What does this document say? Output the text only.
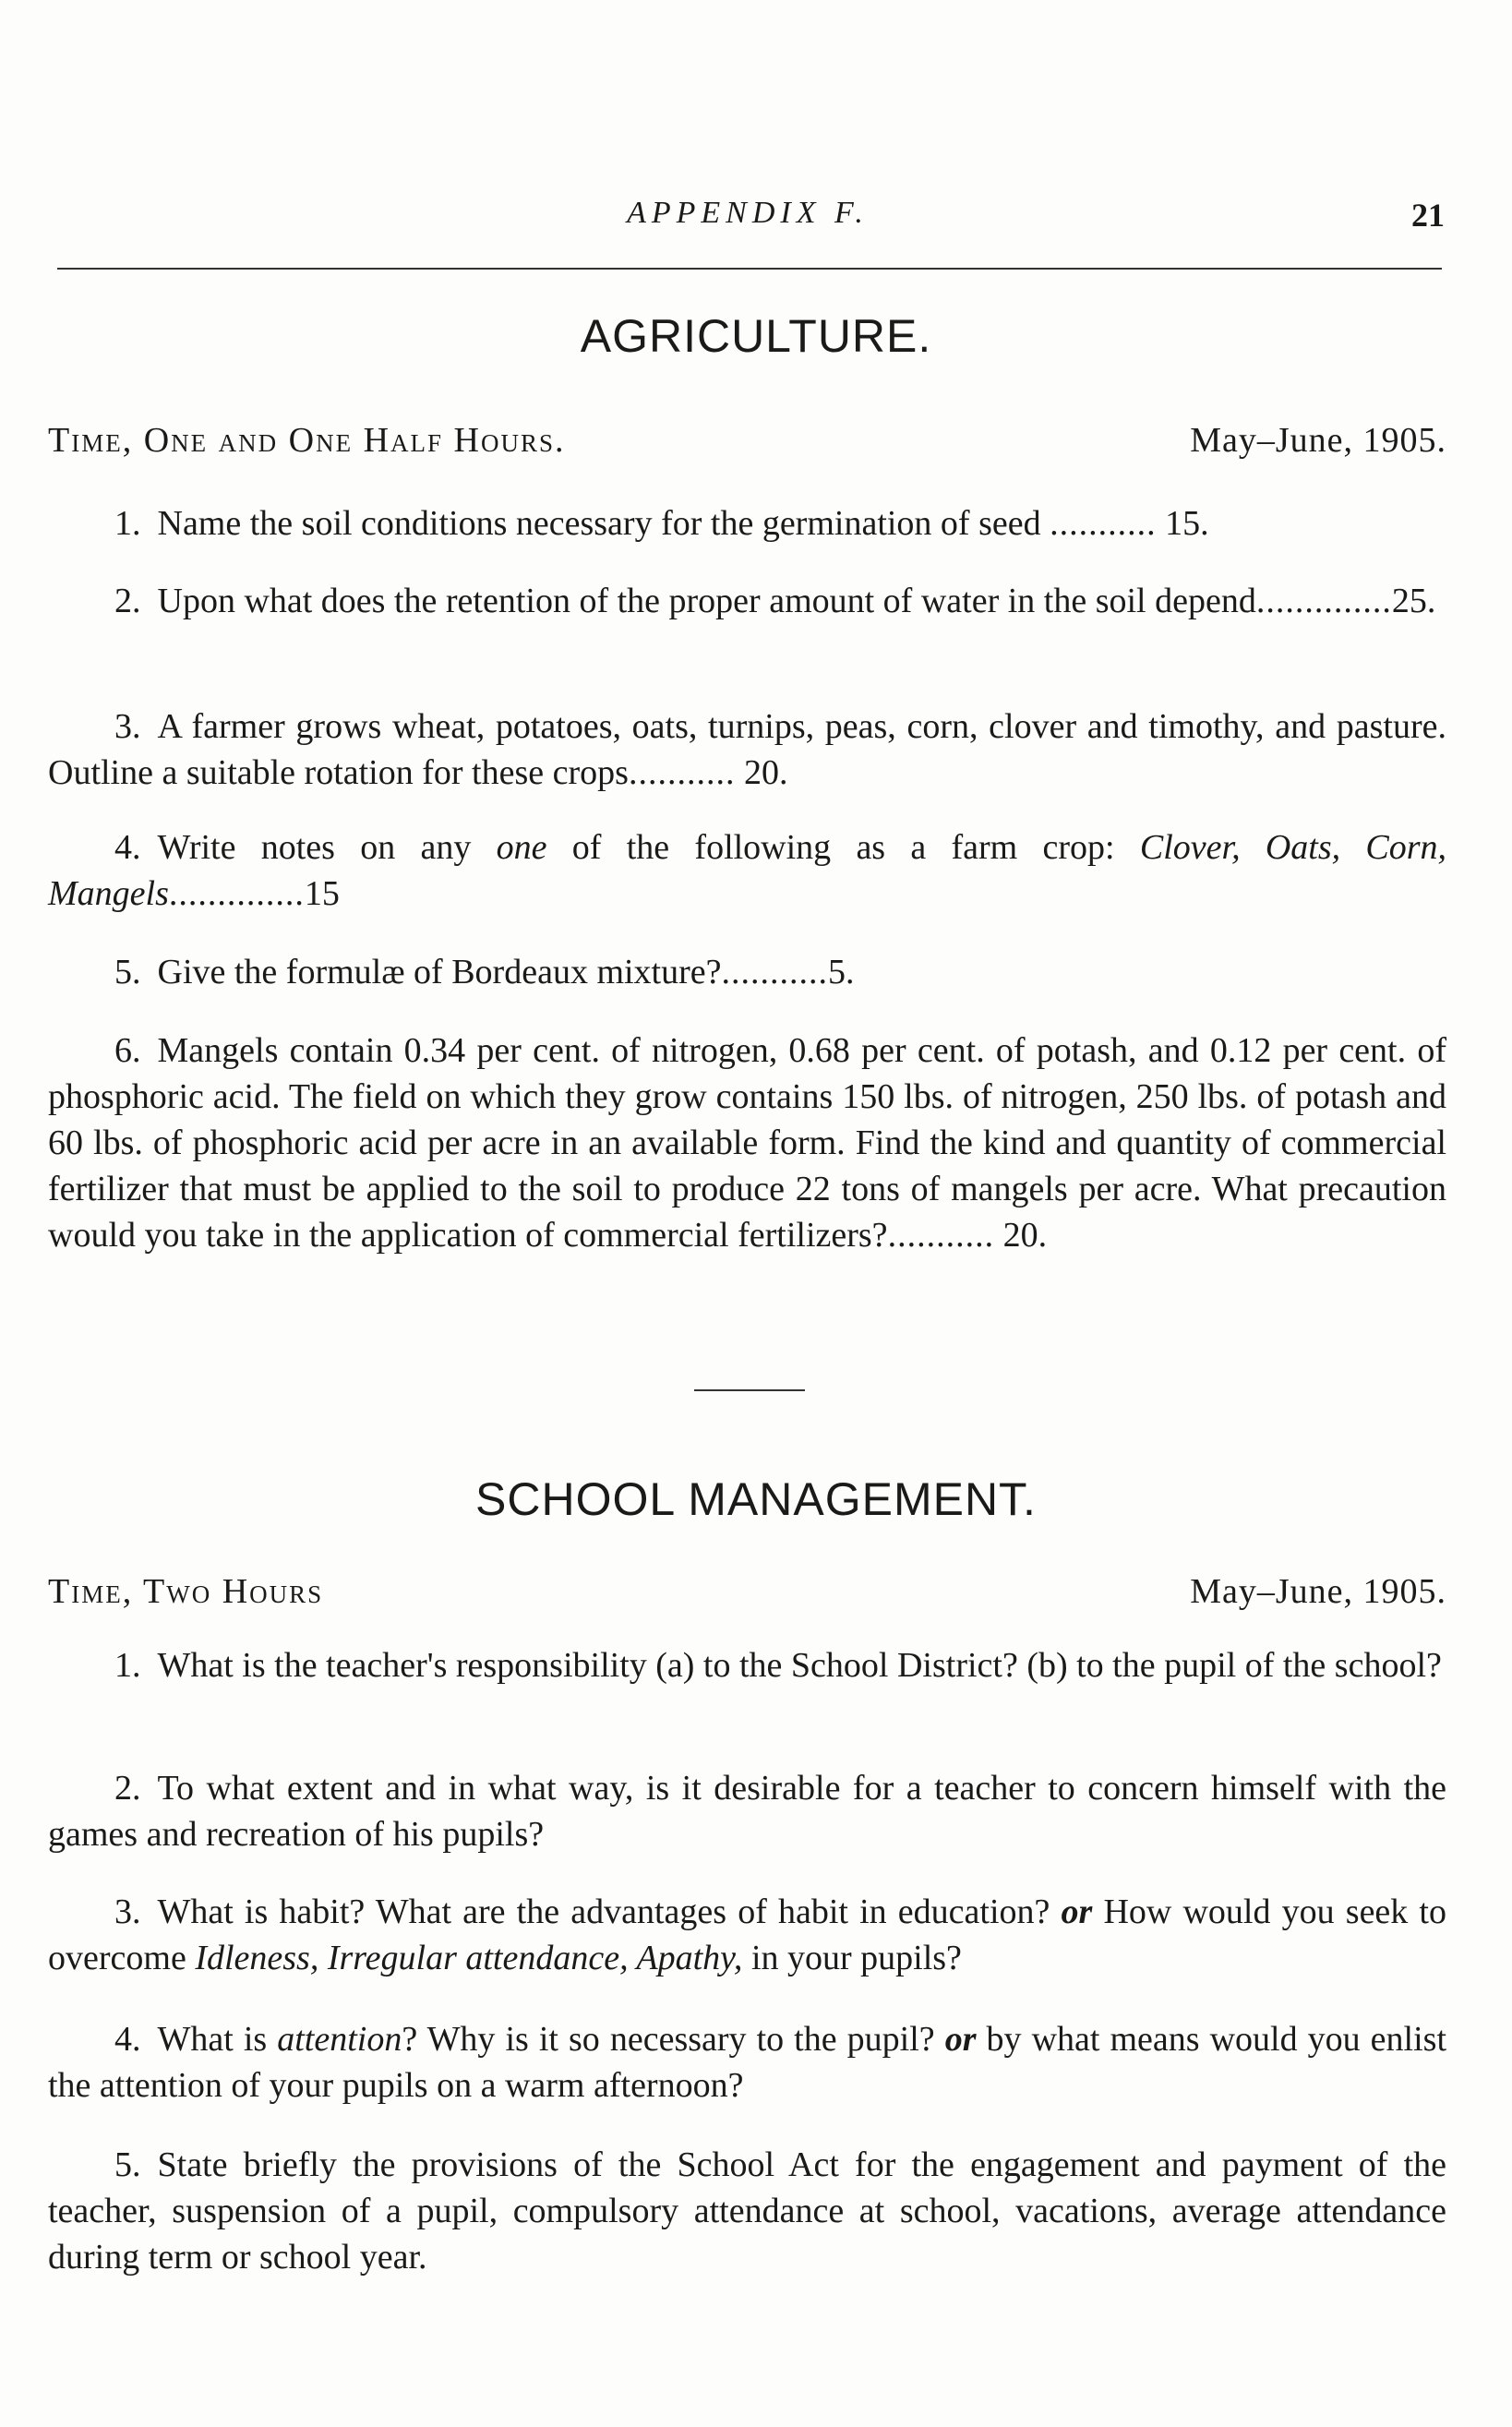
APPENDIX F.	21
AGRICULTURE.
Time, One and One Half Hours.	May–June, 1905.
1. Name the soil conditions necessary for the germination of seed ........... 15.
2. Upon what does the retention of the proper amount of water in the soil depend..............25.
3. A farmer grows wheat, potatoes, oats, turnips, peas, corn, clover and timothy, and pasture. Outline a suitable rotation for these crops........... 20.
4. Write notes on any one of the following as a farm crop: Clover, Oats, Corn, Mangels..............15
5. Give the formulæ of Bordeaux mixture?...........5.
6. Mangels contain 0.34 per cent. of nitrogen, 0.68 per cent. of potash, and 0.12 per cent. of phosphoric acid. The field on which they grow contains 150 lbs. of nitrogen, 250 lbs. of potash and 60 lbs. of phosphoric acid per acre in an available form. Find the kind and quantity of commercial fertilizer that must be applied to the soil to produce 22 tons of mangels per acre. What precaution would you take in the application of commercial fertilizers?........... 20.
SCHOOL MANAGEMENT.
Time, Two Hours	May–June, 1905.
1. What is the teacher's responsibility (a) to the School District? (b) to the pupil of the school?
2. To what extent and in what way, is it desirable for a teacher to concern himself with the games and recreation of his pupils?
3. What is habit? What are the advantages of habit in education? or How would you seek to overcome Idleness, Irregular attendance, Apathy, in your pupils?
4. What is attention? Why is it so necessary to the pupil? or by what means would you enlist the attention of your pupils on a warm afternoon?
5. State briefly the provisions of the School Act for the engagement and payment of the teacher, suspension of a pupil, compulsory attendance at school, vacations, average attendance during term or school year.
